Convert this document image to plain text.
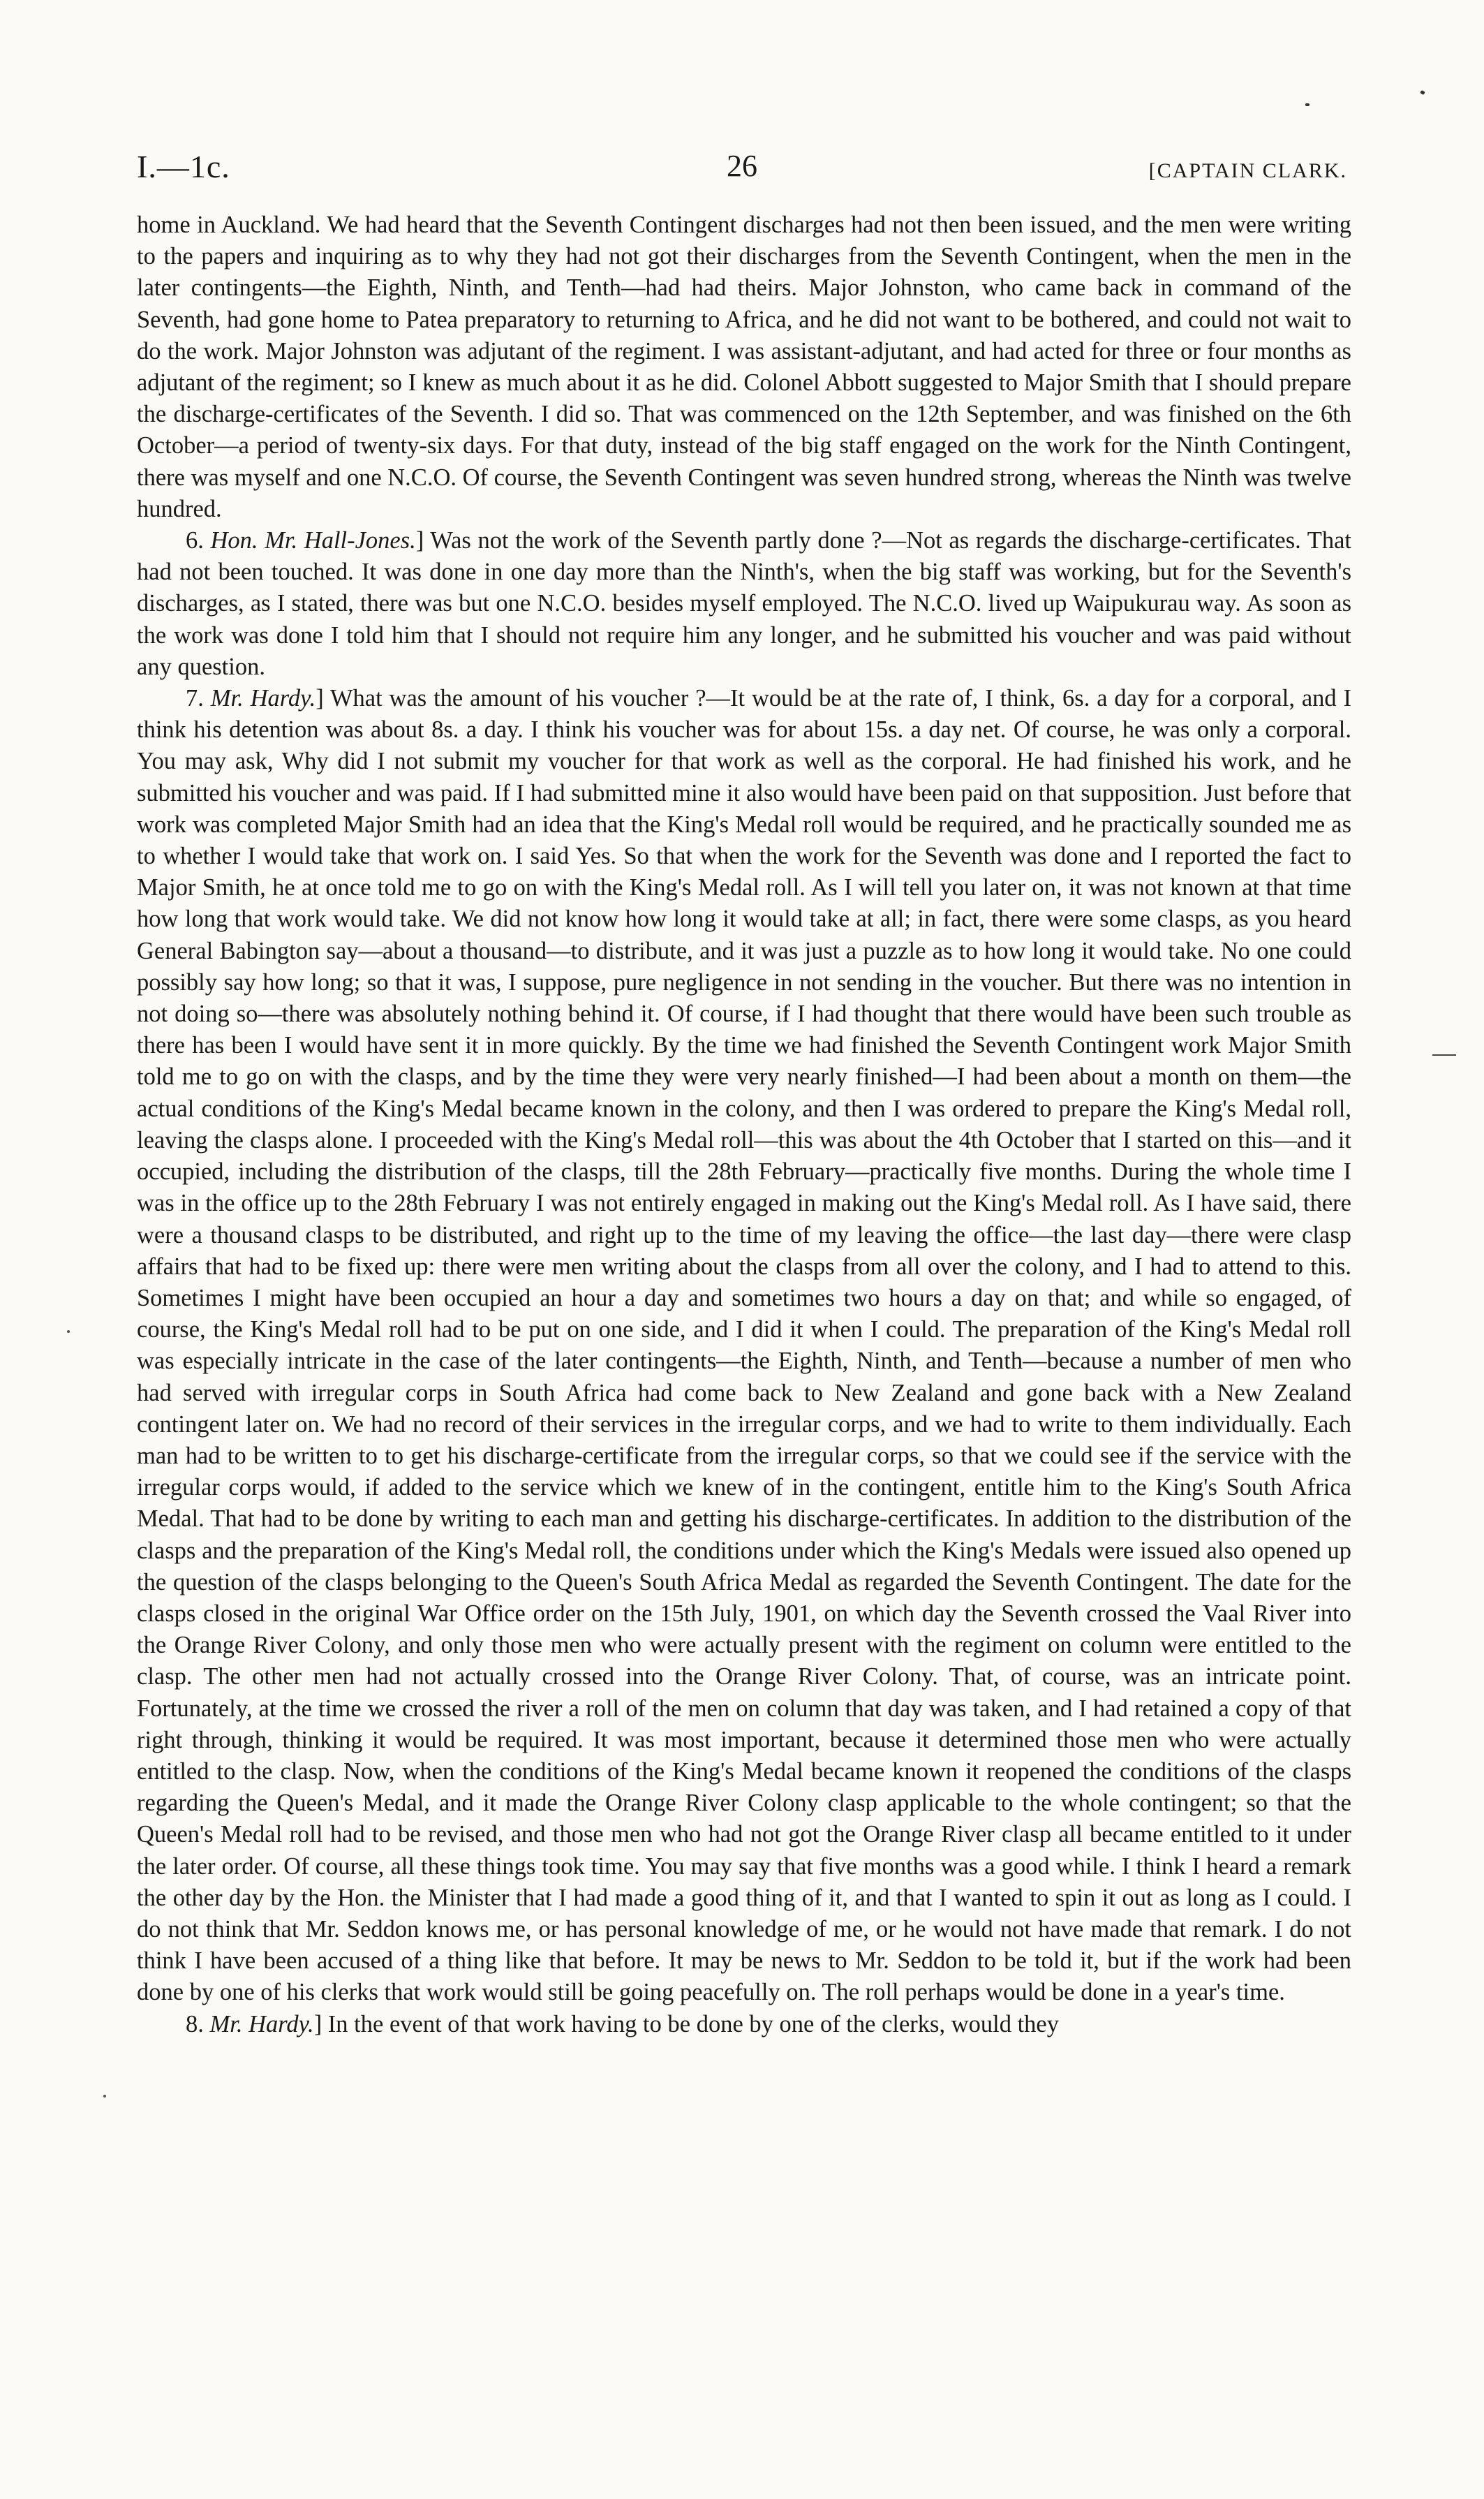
I.—1c.	26	[CAPTAIN CLARK.

home in Auckland. We had heard that the Seventh Contingent discharges had not then been issued, and the men were writing to the papers and inquiring as to why they had not got their discharges from the Seventh Contingent, when the men in the later contingents—the Eighth, Ninth, and Tenth—had had theirs. Major Johnston, who came back in command of the Seventh, had gone home to Patea preparatory to returning to Africa, and he did not want to be bothered, and could not wait to do the work. Major Johnston was adjutant of the regiment. I was assistant-adjutant, and had acted for three or four months as adjutant of the regiment; so I knew as much about it as he did. Colonel Abbott suggested to Major Smith that I should prepare the discharge-certificates of the Seventh. I did so. That was commenced on the 12th September, and was finished on the 6th October—a period of twenty-six days. For that duty, instead of the big staff engaged on the work for the Ninth Contingent, there was myself and one N.C.O. Of course, the Seventh Contingent was seven hundred strong, whereas the Ninth was twelve hundred.

6. Hon. Mr. Hall-Jones.] Was not the work of the Seventh partly done ?—Not as regards the discharge-certificates. That had not been touched. It was done in one day more than the Ninth's, when the big staff was working, but for the Seventh's discharges, as I stated, there was but one N.C.O. besides myself employed. The N.C.O. lived up Waipukurau way. As soon as the work was done I told him that I should not require him any longer, and he submitted his voucher and was paid without any question.

7. Mr. Hardy.] What was the amount of his voucher ?—It would be at the rate of, I think, 6s. a day for a corporal, and I think his detention was about 8s. a day. I think his voucher was for about 15s. a day net. Of course, he was only a corporal. You may ask, Why did I not submit my voucher for that work as well as the corporal. He had finished his work, and he submitted his voucher and was paid. If I had submitted mine it also would have been paid on that supposition. Just before that work was completed Major Smith had an idea that the King's Medal roll would be required, and he practically sounded me as to whether I would take that work on. I said Yes. So that when the work for the Seventh was done and I reported the fact to Major Smith, he at once told me to go on with the King's Medal roll. As I will tell you later on, it was not known at that time how long that work would take. We did not know how long it would take at all; in fact, there were some clasps, as you heard General Babington say—about a thousand—to distribute, and it was just a puzzle as to how long it would take. No one could possibly say how long; so that it was, I suppose, pure negligence in not sending in the voucher. But there was no intention in not doing so—there was absolutely nothing behind it. Of course, if I had thought that there would have been such trouble as there has been I would have sent it in more quickly. By the time we had finished the Seventh Contingent work Major Smith told me to go on with the clasps, and by the time they were very nearly finished—I had been about a month on them—the actual conditions of the King's Medal became known in the colony, and then I was ordered to prepare the King's Medal roll, leaving the clasps alone. I proceeded with the King's Medal roll—this was about the 4th October that I started on this—and it occupied, including the distribution of the clasps, till the 28th February—practically five months. During the whole time I was in the office up to the 28th February I was not entirely engaged in making out the King's Medal roll. As I have said, there were a thousand clasps to be distributed, and right up to the time of my leaving the office—the last day—there were clasp affairs that had to be fixed up: there were men writing about the clasps from all over the colony, and I had to attend to this. Sometimes I might have been occupied an hour a day and sometimes two hours a day on that; and while so engaged, of course, the King's Medal roll had to be put on one side, and I did it when I could. The preparation of the King's Medal roll was especially intricate in the case of the later contingents—the Eighth, Ninth, and Tenth—because a number of men who had served with irregular corps in South Africa had come back to New Zealand and gone back with a New Zealand contingent later on. We had no record of their services in the irregular corps, and we had to write to them individually. Each man had to be written to to get his discharge-certificate from the irregular corps, so that we could see if the service with the irregular corps would, if added to the service which we knew of in the contingent, entitle him to the King's South Africa Medal. That had to be done by writing to each man and getting his discharge-certificates. In addition to the distribution of the clasps and the preparation of the King's Medal roll, the conditions under which the King's Medals were issued also opened up the question of the clasps belonging to the Queen's South Africa Medal as regarded the Seventh Contingent. The date for the clasps closed in the original War Office order on the 15th July, 1901, on which day the Seventh crossed the Vaal River into the Orange River Colony, and only those men who were actually present with the regiment on column were entitled to the clasp. The other men had not actually crossed into the Orange River Colony. That, of course, was an intricate point. Fortunately, at the time we crossed the river a roll of the men on column that day was taken, and I had retained a copy of that right through, thinking it would be required. It was most important, because it determined those men who were actually entitled to the clasp. Now, when the conditions of the King's Medal became known it reopened the conditions of the clasps regarding the Queen's Medal, and it made the Orange River Colony clasp applicable to the whole contingent; so that the Queen's Medal roll had to be revised, and those men who had not got the Orange River clasp all became entitled to it under the later order. Of course, all these things took time. You may say that five months was a good while. I think I heard a remark the other day by the Hon. the Minister that I had made a good thing of it, and that I wanted to spin it out as long as I could. I do not think that Mr. Seddon knows me, or has personal knowledge of me, or he would not have made that remark. I do not think I have been accused of a thing like that before. It may be news to Mr. Seddon to be told it, but if the work had been done by one of his clerks that work would still be going peacefully on. The roll perhaps would be done in a year's time.

8. Mr. Hardy.] In the event of that work having to be done by one of the clerks, would they
